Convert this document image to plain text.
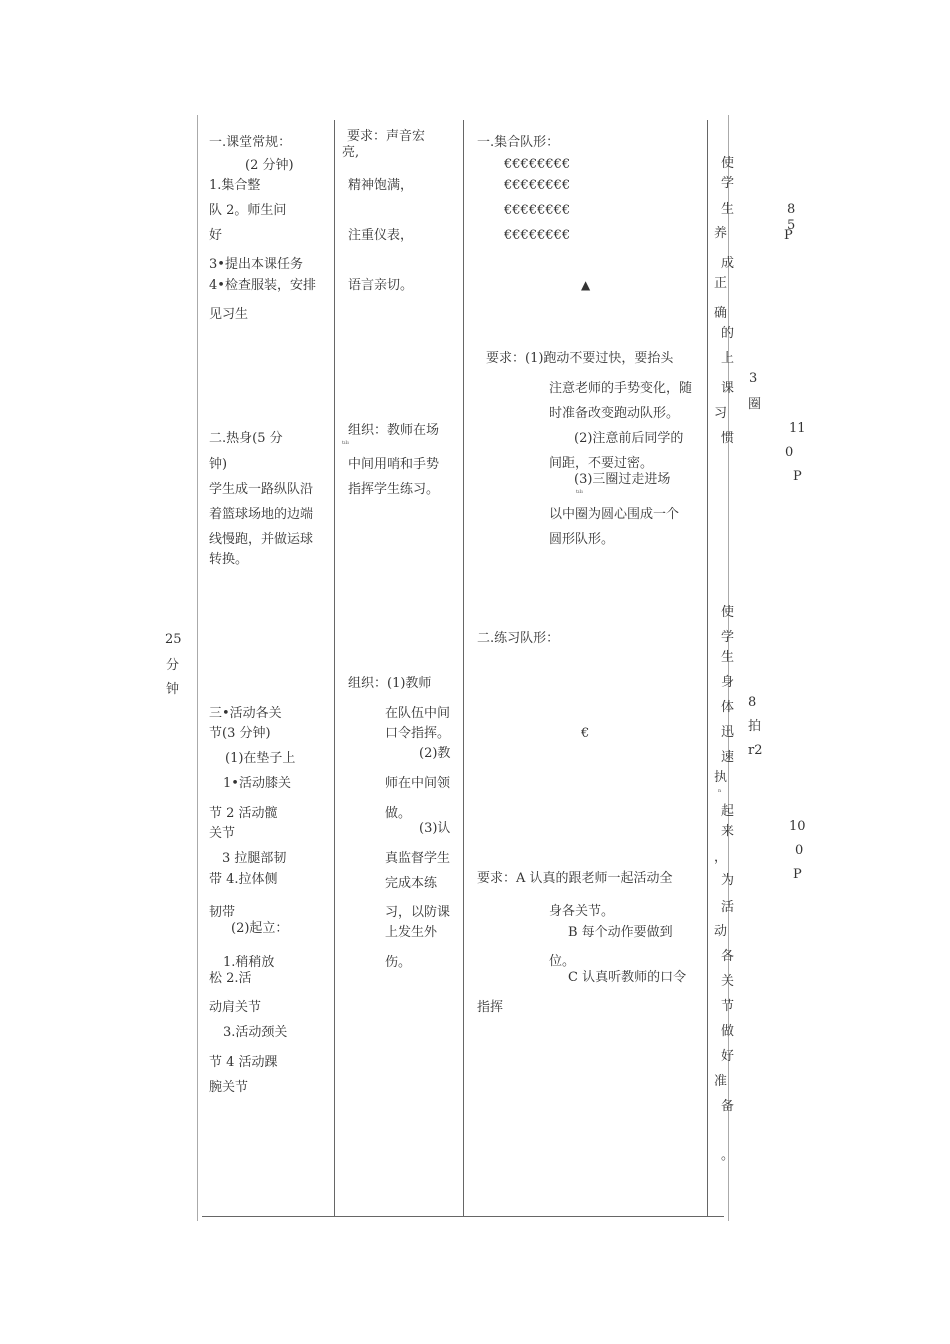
25
分
钟
一.课堂常规：
(2 分钟)
1.集合整
队 2。师生问
好
3•提出本课任务
4•检查服装，安排
见习生
二.热身(5 分
钟)
学生成一路纵队沿
着篮球场地的边端
线慢跑，并做运球
转换。
三•活动各关
节(3 分钟)
(1)在垫子上
1•活动膝关
节 2 活动髋
关节
3 拉腿部韧
带 4.拉体侧
韧带
(2)起立：
1.稍稍放
松 2.活
动肩关节
3.活动颈关
节 4 活动踝
腕关节
要求：声音宏
亮,
精神饱满，
注重仪表，
语言亲切。
组织：教师在场
tılı
中间用哨和手势
指挥学生练习。
组织：(1)教师
在队伍中间
口令指挥。
(2)教
师在中间领
做。
(3)认
真监督学生
完成本练
习，以防课
上发生外
伤。
一.集合队形：
€€€€€€€€
€€€€€€€€
€€€€€€€€
€€€€€€€€
▲
要求：(1)跑动不要过快，要抬头
注意老师的手势变化，随
时准备改变跑动队形。
(2)注意前后同学的
间距，不要过密。
(3)三圈过走进场
tılı
以中圈为圆心围成一个
圆形队形。
二.练习队形：
€
要求：A 认真的跟老师一起活动全
身各关节。
B 每个动作要做到
位。
C 认真听教师的口令
指挥
使
学
生
养
成
正
确
的
上
课
习
惯
使
学
生
身
体
迅
速
执
起
来
，
为
活
动
各
关
节
做
好
准
备
。
n
8
5
P
3
圈
11
0
P
8
拍
r2
10
0
P
